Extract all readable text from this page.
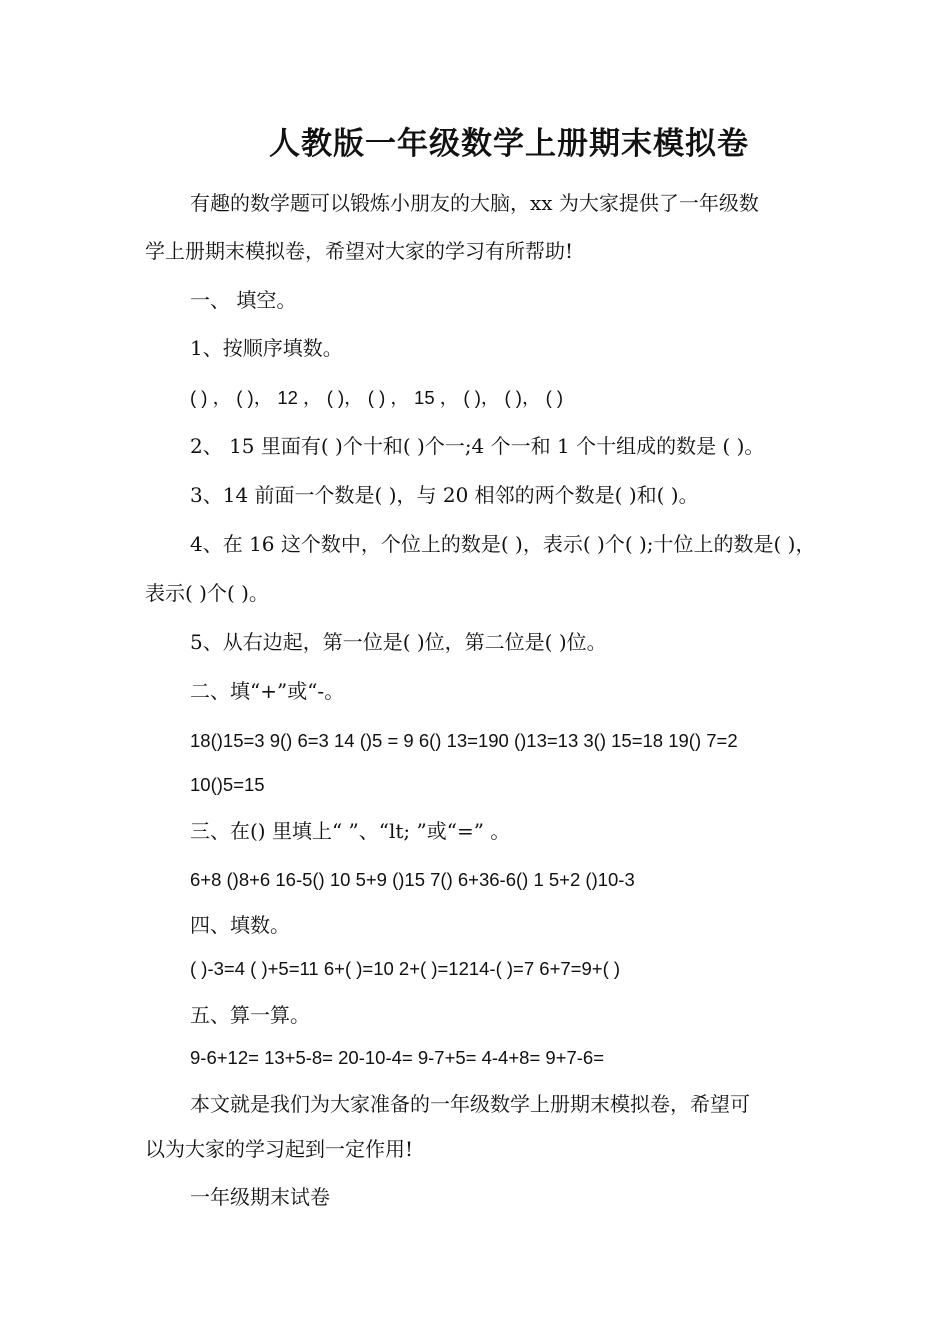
人教版一年级数学上册期末模拟卷
有趣的数学题可以锻炼小朋友的大脑，xx 为大家提供了一年级数
学上册期末模拟卷，希望对大家的学习有所帮助!
一、 填空。
1、按顺序填数。
( ) ， ( )， 12 ， ( )， ( ) ， 15 ， ( )， ( )， ( )
2、 15 里面有( )个十和( )个一;4 个一和 1 个十组成的数是 ( )。
3、14 前面一个数是( )，与 20 相邻的两个数是( )和( )。
4、在 16 这个数中，个位上的数是( )，表示( )个( );十位上的数是( )，
表示( )个( )。
5、从右边起，第一位是( )位，第二位是( )位。
二、填“+”或“-。
18()15=3 9() 6=3 14 ()5 = 9 6() 13=190 ()13=13 3() 15=18 19() 7=2
10()5=15
三、在() 里填上“ ”、“lt; ”或“=” 。
6+8 ()8+6 16-5() 10 5+9 ()15 7() 6+36-6() 1 5+2 ()10-3
四、填数。
( )-3=4 ( )+5=11 6+( )=10 2+( )=1214-( )=7 6+7=9+( )
五、算一算。
9-6+12= 13+5-8= 20-10-4= 9-7+5= 4-4+8= 9+7-6=
本文就是我们为大家准备的一年级数学上册期末模拟卷，希望可
以为大家的学习起到一定作用!
一年级期末试卷
